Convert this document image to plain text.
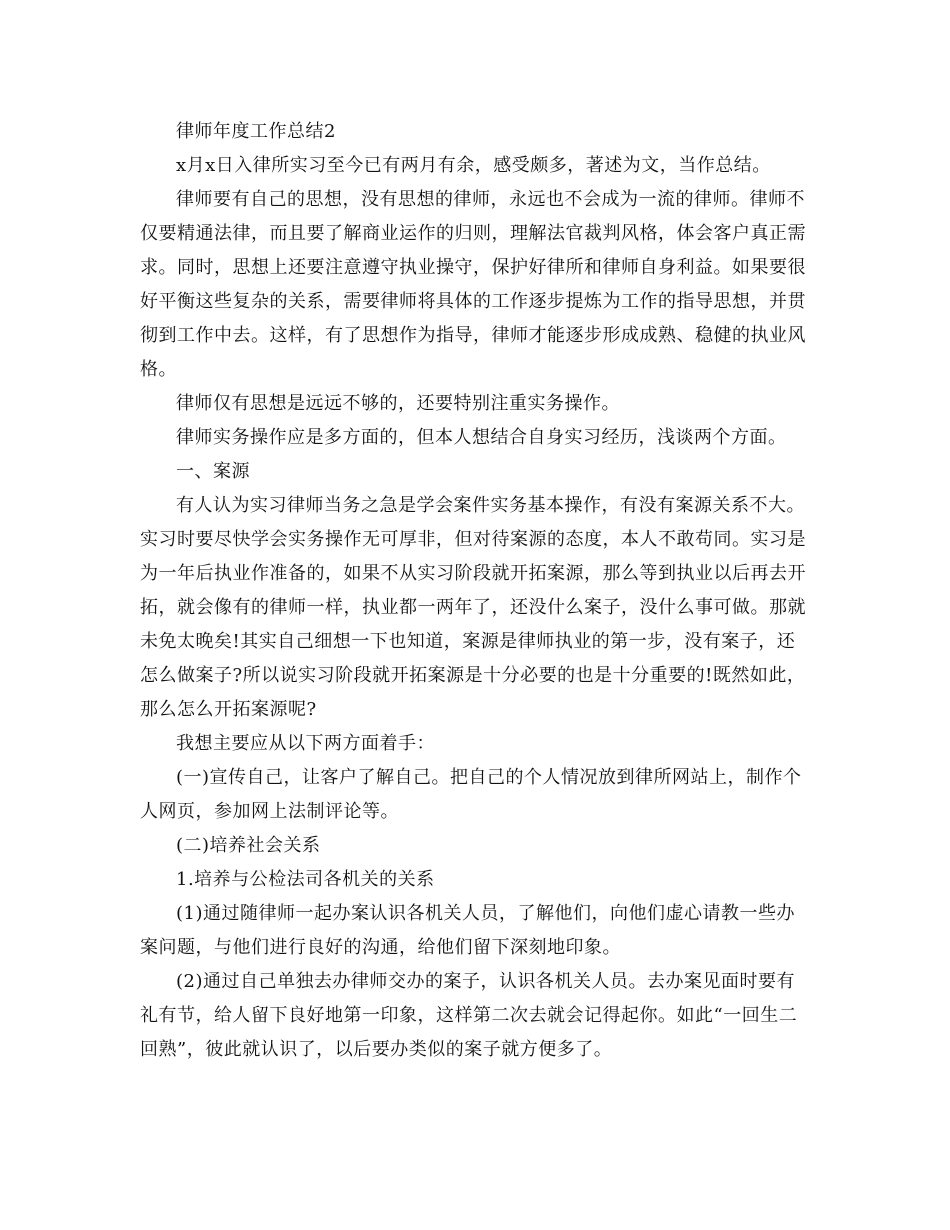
律师年度工作总结2
x月x日入律所实习至今已有两月有余，感受颇多，著述为文，当作总结。
律师要有自己的思想，没有思想的律师，永远也不会成为一流的律师。律师不
仅要精通法律，而且要了解商业运作的归则，理解法官裁判风格，体会客户真正需
求。同时，思想上还要注意遵守执业操守，保护好律所和律师自身利益。如果要很
好平衡这些复杂的关系，需要律师将具体的工作逐步提炼为工作的指导思想，并贯
彻到工作中去。这样，有了思想作为指导，律师才能逐步形成成熟、稳健的执业风
格。
律师仅有思想是远远不够的，还要特别注重实务操作。
律师实务操作应是多方面的，但本人想结合自身实习经历，浅谈两个方面。
一、案源
有人认为实习律师当务之急是学会案件实务基本操作，有没有案源关系不大。
实习时要尽快学会实务操作无可厚非，但对待案源的态度，本人不敢苟同。实习是
为一年后执业作准备的，如果不从实习阶段就开拓案源，那么等到执业以后再去开
拓，就会像有的律师一样，执业都一两年了，还没什么案子，没什么事可做。那就
未免太晚矣!其实自己细想一下也知道，案源是律师执业的第一步，没有案子，还
怎么做案子?所以说实习阶段就开拓案源是十分必要的也是十分重要的!既然如此，
那么怎么开拓案源呢?
我想主要应从以下两方面着手：
(一)宣传自己，让客户了解自己。把自己的个人情况放到律所网站上，制作个
人网页，参加网上法制评论等。
(二)培养社会关系
1.培养与公检法司各机关的关系
(1)通过随律师一起办案认识各机关人员，了解他们，向他们虚心请教一些办
案问题，与他们进行良好的沟通，给他们留下深刻地印象。
(2)通过自己单独去办律师交办的案子，认识各机关人员。去办案见面时要有
礼有节，给人留下良好地第一印象，这样第二次去就会记得起你。如此“一回生二
回熟”，彼此就认识了，以后要办类似的案子就方便多了。
